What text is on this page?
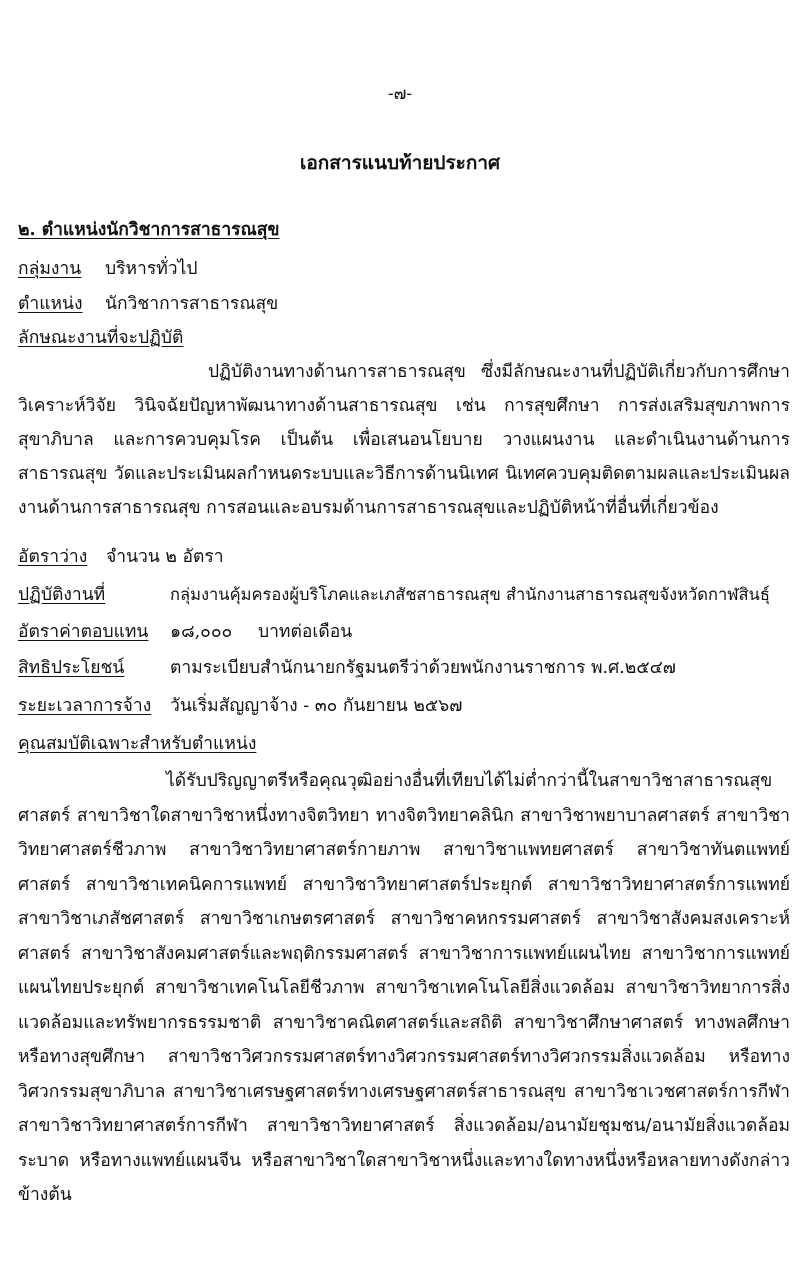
-๗-
เอกสารแนบท้ายประกาศ
๒. ตำแหน่งนักวิชาการสาธารณสุข
กลุ่มงาน บริหารทั่วไป
ตำแหน่ง นักวิชาการสาธารณสุข
ลักษณะงานที่จะปฏิบัติ
ปฏิบัติงานทางด้านการสาธารณสุข ซึ่งมีลักษณะงานที่ปฏิบัติเกี่ยวกับการศึกษาวิเคราะห์วิจัย วินิจฉัยปัญหาพัฒนาทางด้านสาธารณสุข เช่น การสุขศึกษา การส่งเสริมสุขภาพการสุขาภิบาล และการควบคุมโรค เป็นต้น เพื่อเสนอนโยบาย วางแผนงาน และดำเนินงานด้านการสาธารณสุข วัดและประเมินผลกำหนดระบบและวิธีการด้านนิเทศ นิเทศควบคุมติดตามผลและประเมินผลงานด้านการสาธารณสุข การสอนและอบรมด้านการสาธารณสุขและปฏิบัติหน้าที่อื่นที่เกี่ยวข้อง
อัตราว่าง จำนวน ๒ อัตรา
ปฏิบัติงานที่	กลุ่มงานคุ้มครองผู้บริโภคและเภสัชสาธารณสุข สำนักงานสาธารณสุขจังหวัดกาฬสินธุ์
อัตราค่าตอบแทน ๑๘,๐๐๐ บาทต่อเดือน
สิทธิประโยชน์	ตามระเบียบสำนักนายกรัฐมนตรีว่าด้วยพนักงานราชการ พ.ศ.๒๕๔๗
ระยะเวลาการจ้าง วันเริ่มสัญญาจ้าง - ๓๐ กันยายน ๒๕๖๗
คุณสมบัติเฉพาะสำหรับตำแหน่ง
ได้รับปริญญาตรีหรือคุณวุฒิอย่างอื่นที่เทียบได้ไม่ต่ำกว่านี้ในสาขาวิชาสาธารณสุขศาสตร์ สาขาวิชาใดสาขาวิชาหนึ่งทางจิตวิทยา ทางจิตวิทยาคลินิก สาขาวิชาพยาบาลศาสตร์ สาขาวิชาวิทยาศาสตร์ชีวภาพ สาขาวิชาวิทยาศาสตร์กายภาพ สาขาวิชาแพทยศาสตร์ สาขาวิชาทันตแพทย์ศาสตร์ สาขาวิชาเทคนิคการแพทย์ สาขาวิชาวิทยาศาสตร์ประยุกต์ สาขาวิชาวิทยาศาสตร์การแพทย์ สาขาวิชาเภสัชศาสตร์ สาขาวิชาเกษตรศาสตร์ สาขาวิชาคหกรรมศาสตร์ สาขาวิชาสังคมสงเคราะห์ศาสตร์ สาขาวิชาสังคมศาสตร์และพฤติกรรมศาสตร์ สาขาวิชาการแพทย์แผนไทย สาขาวิชาการแพทย์แผนไทยประยุกต์ สาขาวิชาเทคโนโลยีชีวภาพ สาขาวิชาเทคโนโลยีสิ่งแวดล้อม สาขาวิชาวิทยาการสิ่งแวดล้อมและทรัพยากรธรรมชาติ สาขาวิชาคณิตศาสตร์และสถิติ สาขาวิชาศึกษาศาสตร์ ทางพลศึกษาหรือทางสุขศึกษา สาขาวิชาวิศวกรรมศาสตร์ทางวิศวกรรมศาสตร์ทางวิศวกรรมสิ่งแวดล้อม หรือทางวิศวกรรมสุขาภิบาล สาขาวิชาเศรษฐศาสตร์ทางเศรษฐศาสตร์สาธารณสุข สาขาวิชาเวชศาสตร์การกีฬา สาขาวิชาวิทยาศาสตร์การกีฬา สาขาวิชาวิทยาศาสตร์ สิ่งแวดล้อม/อนามัยชุมชน/อนามัยสิ่งแวดล้อมระบาด หรือทางแพทย์แผนจีน หรือสาขาวิชาใดสาขาวิชาหนึ่งและทางใดทางหนึ่งหรือหลายทางดังกล่าวข้างต้น
